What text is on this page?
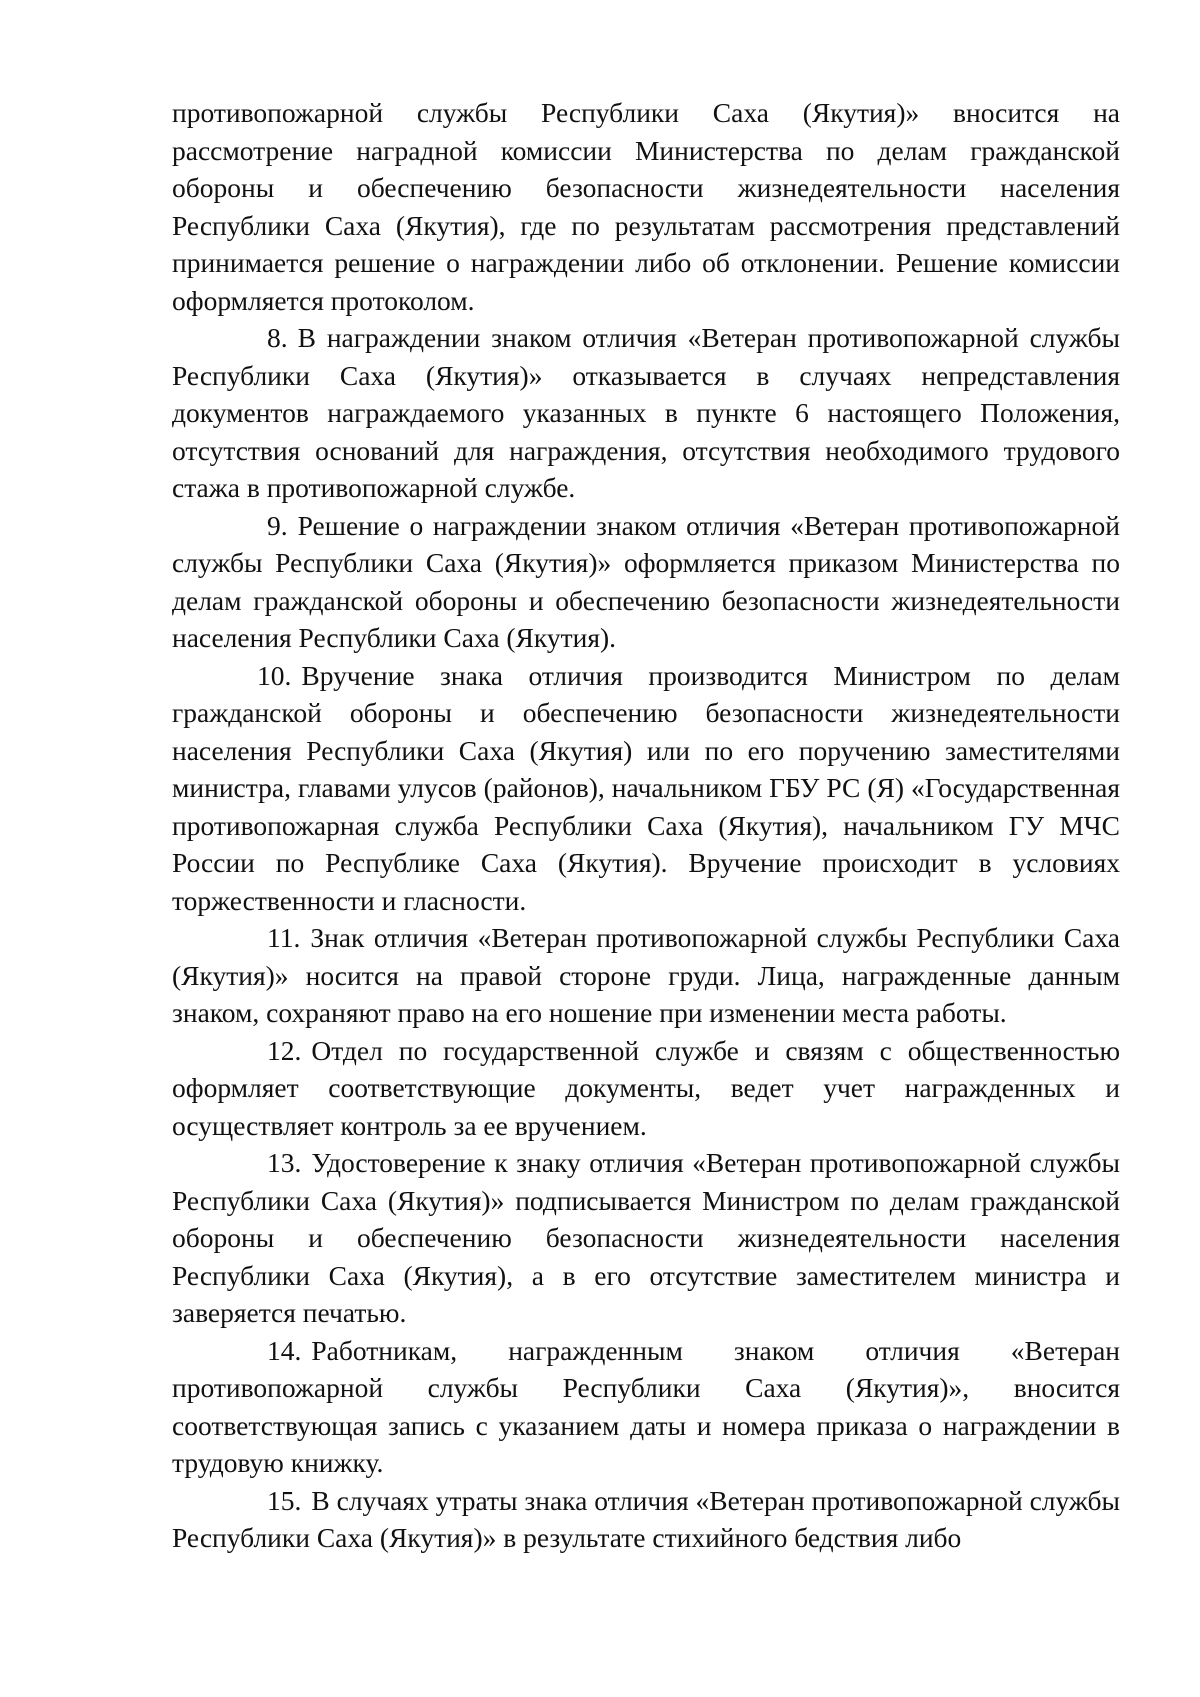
противопожарной службы Республики Саха (Якутия)» вносится на рассмотрение наградной комиссии Министерства по делам гражданской обороны и обеспечению безопасности жизнедеятельности населения Республики Саха (Якутия), где по результатам рассмотрения представлений принимается решение о награждении либо об отклонении. Решение комиссии оформляется протоколом.

8. В награждении знаком отличия «Ветеран противопожарной службы Республики Саха (Якутия)» отказывается в случаях непредставления документов награждаемого указанных в пункте 6 настоящего Положения, отсутствия оснований для награждения, отсутствия необходимого трудового стажа в противопожарной службе.

9. Решение о награждении знаком отличия «Ветеран противопожарной службы Республики Саха (Якутия)» оформляется приказом Министерства по делам гражданской обороны и обеспечению безопасности жизнедеятельности населения Республики Саха (Якутия).

10. Вручение знака отличия производится Министром по делам гражданской обороны и обеспечению безопасности жизнедеятельности населения Республики Саха (Якутия) или по его поручению заместителями министра, главами улусов (районов), начальником ГБУ РС (Я) «Государственная противопожарная служба Республики Саха (Якутия), начальником ГУ МЧС России по Республике Саха (Якутия). Вручение происходит в условиях торжественности и гласности.

11. Знак отличия «Ветеран противопожарной службы Республики Саха (Якутия)» носится на правой стороне груди. Лица, награжденные данным знаком, сохраняют право на его ношение при изменении места работы.

12. Отдел по государственной службе и связям с общественностью оформляет соответствующие документы, ведет учет награжденных и осуществляет контроль за ее вручением.

13. Удостоверение к знаку отличия «Ветеран противопожарной службы Республики Саха (Якутия)» подписывается Министром по делам гражданской обороны и обеспечению безопасности жизнедеятельности населения Республики Саха (Якутия), а в его отсутствие заместителем министра и заверяется печатью.

14. Работникам, награжденным знаком отличия «Ветеран противопожарной службы Республики Саха (Якутия)», вносится соответствующая запись с указанием даты и номера приказа о награждении в трудовую книжку.

15. В случаях утраты знака отличия «Ветеран противопожарной службы Республики Саха (Якутия)» в результате стихийного бедствия либо
